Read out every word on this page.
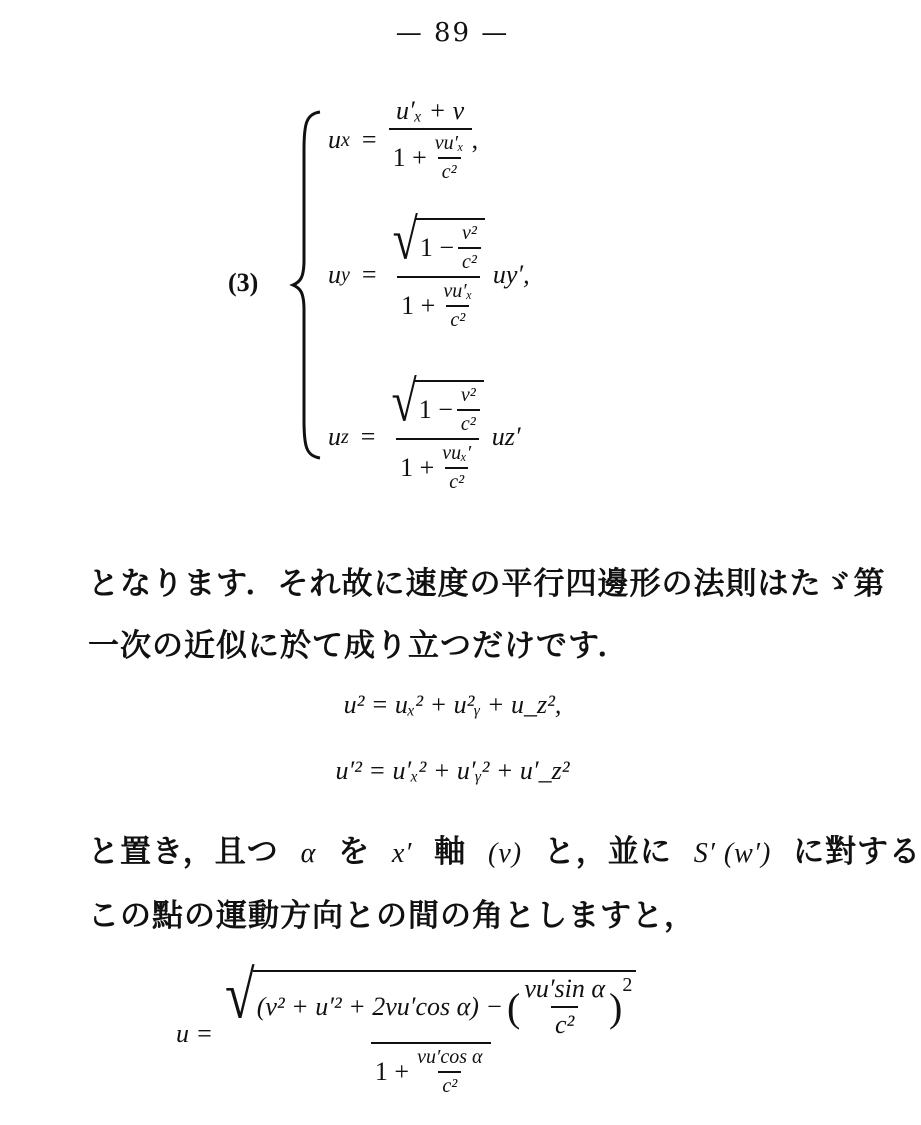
— 89 —
(3)
u $x = \frac{\text{u′ₓ + v}}{1 + \frac{\text{vu′ₓ}}{\text{c²}}}$ ,
u y =
√ $1 - \frac{\text{v²}}{\text{c²}}$
$1 + \frac{\text{vu′ₓ}}{\text{c²}}$
uy′,
u z =
√ $1 - \frac{\text{v²}}{\text{c²}}$
$1 + \frac{\text{vuₓ′}}{\text{c²}}$
uz′
となります．それ故に速度の平行四邊形の法則はたゞ第
一次の近似に於て成り立つだけです．
u² = uₓ² + u²ᵧ + u_z²,
u′² = u′ₓ² + u′ᵧ² + u′_z²
と置き，且つ α を x′ 軸 (v) と，並に S′ (w′) に對する
この點の運動方向との間の角としますと，
u =
√ (v² + u′² + 2vu′cos α) − ( $\frac{\text{vu′sin α}}{\text{c²}} )^2$
$1 + \frac{\text{vu′cos α}}{\text{c²}}$
